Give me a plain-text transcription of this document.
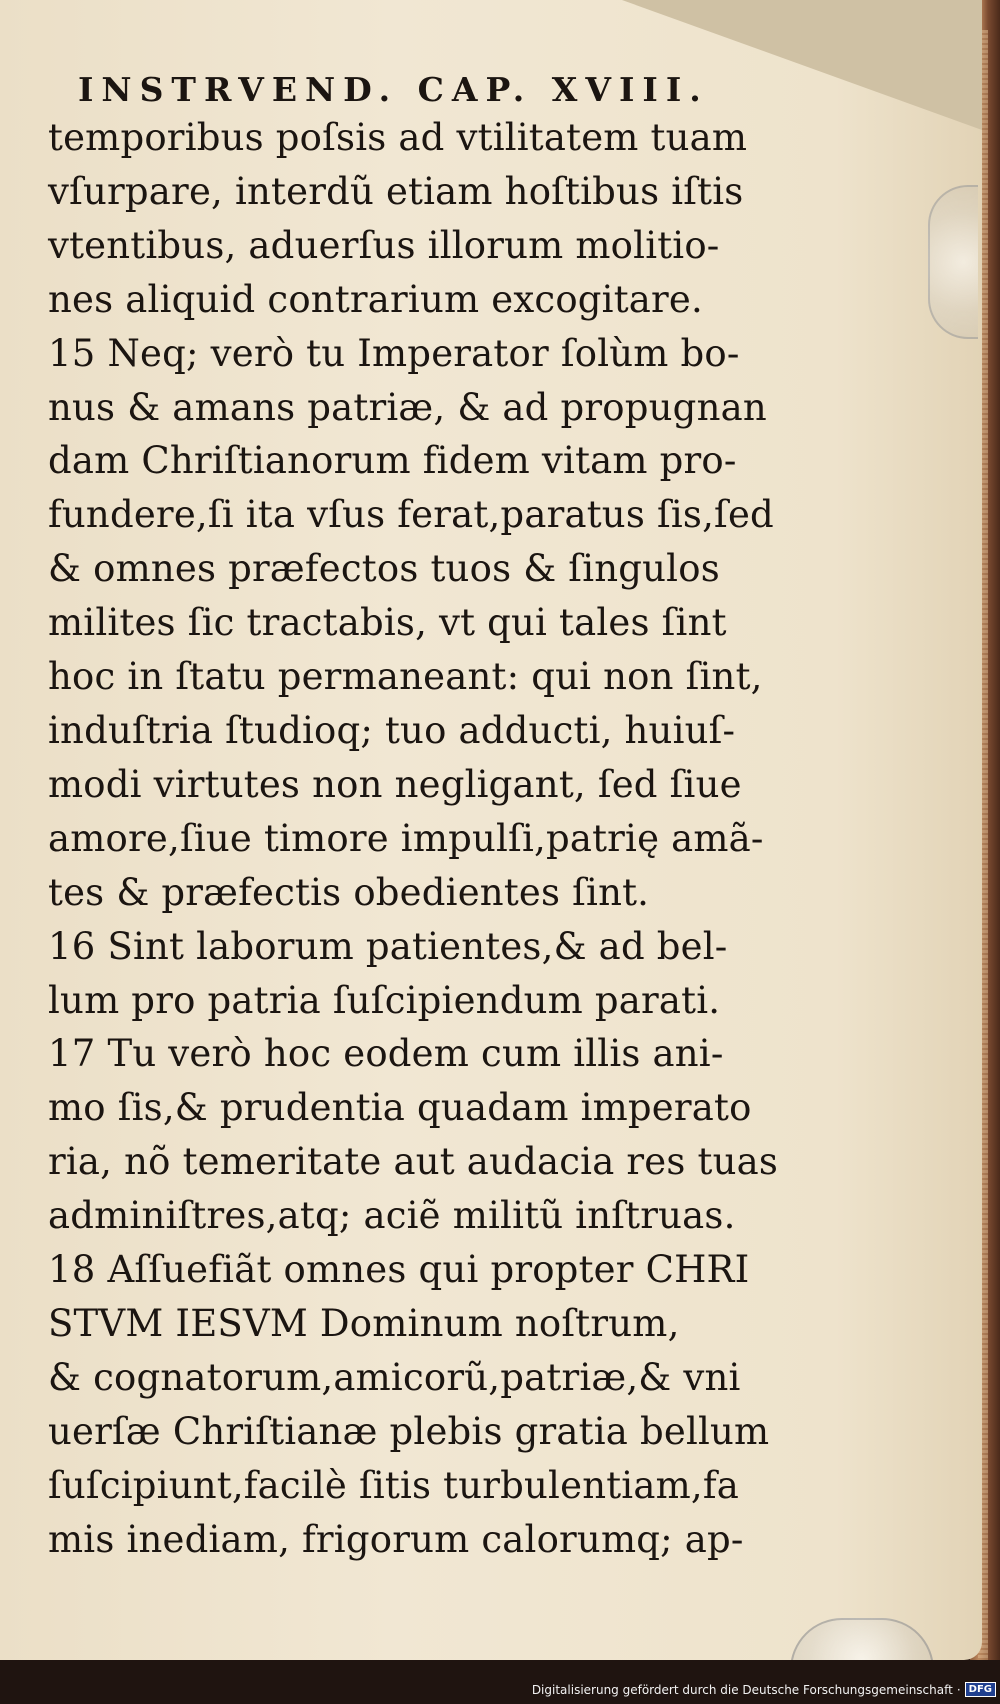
INSTRVEND. CAP. XVIII.
temporibus poſsis ad vtilitatem tuam
vſurpare, interdũ etiam hoſtibus iſtis
vtentibus, aduerſus illorum molitio-
nes aliquid contrarium excogitare.
15 Neq; verò tu Imperator ſolùm bo-
nus & amans patriæ, & ad propugnan
dam Chriſtianorum fidem vitam pro-
fundere,ſi ita vſus ferat,paratus ſis,ſed
& omnes præfectos tuos & ſingulos
milites ſic tractabis, vt qui tales ſint
hoc in ſtatu permaneant: qui non ſint,
induſtria ſtudioq; tuo adducti, huiuſ-
modi virtutes non negligant, ſed ſiue
amore,ſiue timore impulſi,patrię amã-
tes & præfectis obedientes ſint.
16 Sint laborum patientes,& ad bel-
lum pro patria ſuſcipiendum parati.
17 Tu verò hoc eodem cum illis ani-
mo ſis,& prudentia quadam imperato
ria, nõ temeritate aut audacia res tuas
adminiſtres,atq; aciẽ militũ inſtruas.
18 Aſſuefiãt omnes qui propter CHRI
STVM IESVM Dominum noſtrum,
& cognatorum,amicorũ,patriæ,& vni
uerſæ Chriſtianæ plebis gratia bellum
ſuſcipiunt,facilè ſitis turbulentiam,fa
mis inediam, frigorum calorumq; ap-
Digitalisierung gefördert durch die Deutsche Forschungsgemeinschaft · DFG
